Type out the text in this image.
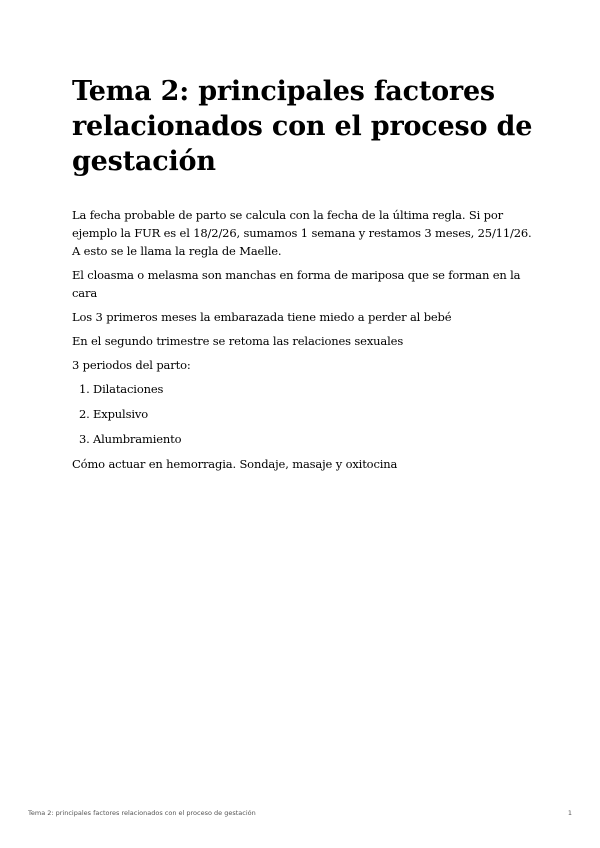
Tema 2: principales factores relacionados con el proceso de gestación

La fecha probable de parto se calcula con la fecha de la última regla. Si por ejemplo la FUR es el 18/2/26, sumamos 1 semana y restamos 3 meses, 25/11/26. A esto se le llama la regla de Maelle.

El cloasma o melasma son manchas en forma de mariposa que se forman en la cara

Los 3 primeros meses la embarazada tiene miedo a perder al bebé

En el segundo trimestre se retoma las relaciones sexuales

3 periodos del parto:

1. Dilataciones
2. Expulsivo
3. Alumbramiento

Cómo actuar en hemorragia. Sondaje, masaje y oxitocina

Tema 2: principales factores relacionados con el proceso de gestación	1
